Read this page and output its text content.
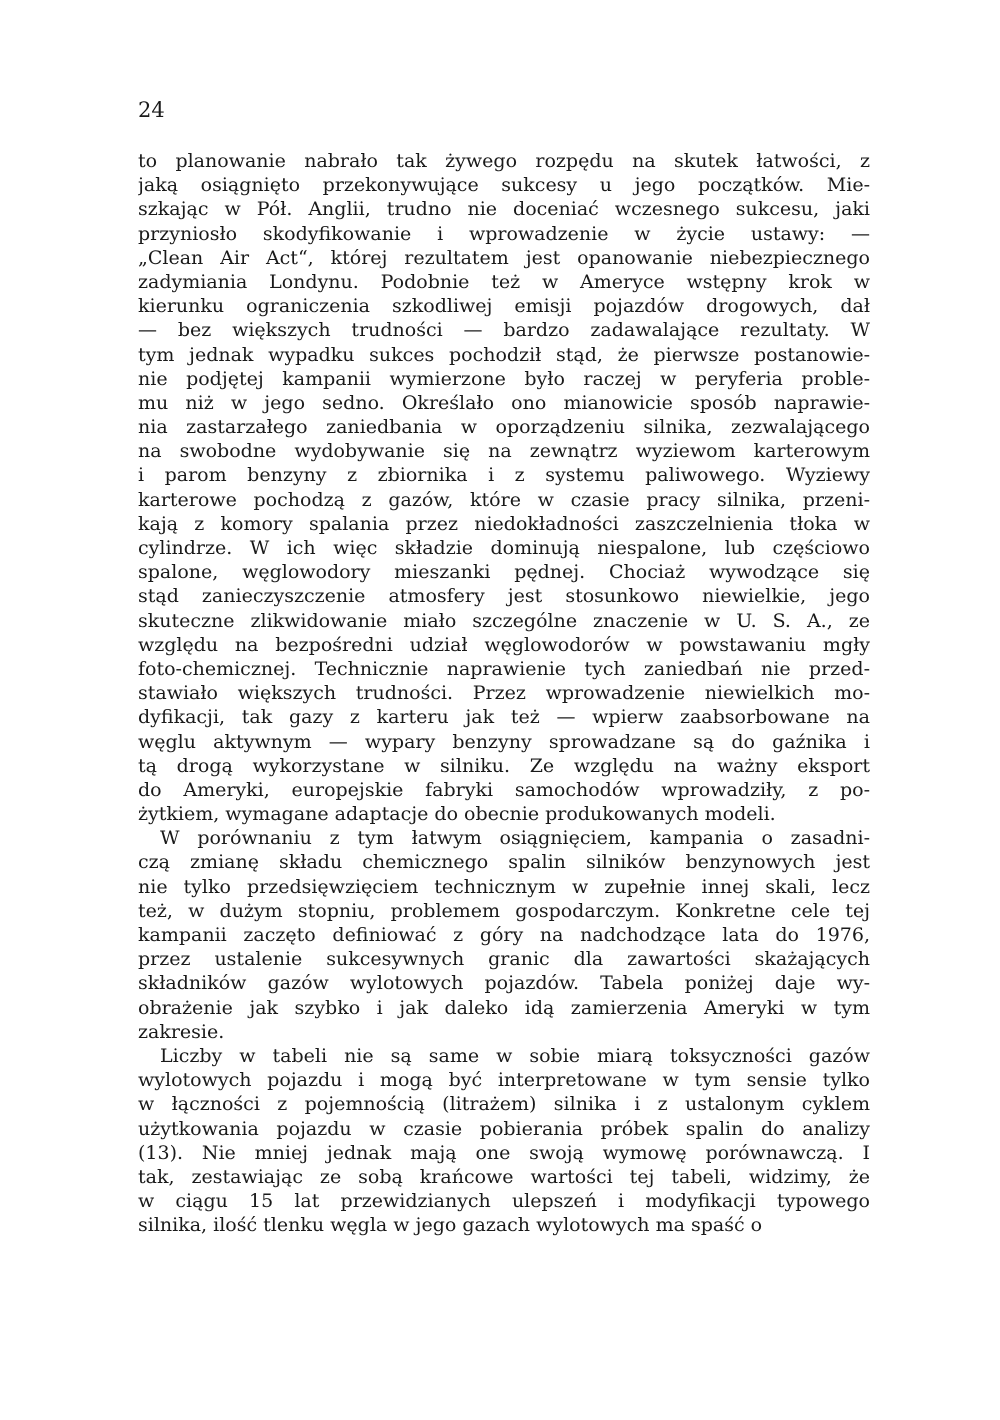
24

to planowanie nabrało tak żywego rozpędu na skutek łatwości, z
jaką osiągnięto przekonywujące sukcesy u jego początków. Mie-
szkając w Pół. Anglii, trudno nie doceniać wczesnego sukcesu, jaki
przyniosło skodyfikowanie i wprowadzenie w życie ustawy: —
„Clean Air Act“, której rezultatem jest opanowanie niebezpiecznego
zadymiania Londynu. Podobnie też w Ameryce wstępny krok w
kierunku ograniczenia szkodliwej emisji pojazdów drogowych, dał
— bez większych trudności — bardzo zadawalające rezultaty. W
tym jednak wypadku sukces pochodził stąd, że pierwsze postanowie-
nie podjętej kampanii wymierzone było raczej w peryferia proble-
mu niż w jego sedno. Określało ono mianowicie sposób naprawie-
nia zastarzałego zaniedbania w oporządzeniu silnika, zezwalającego
na swobodne wydobywanie się na zewnątrz wyziewom karterowym
i parom benzyny z zbiornika i z systemu paliwowego. Wyziewy
karterowe pochodzą z gazów, które w czasie pracy silnika, przeni-
kają z komory spalania przez niedokładności zaszczelnienia tłoka w
cylindrze. W ich więc składzie dominują niespalone, lub częściowo
spalone, węglowodory mieszanki pędnej. Chociaż wywodzące się
stąd zanieczyszczenie atmosfery jest stosunkowo niewielkie, jego
skuteczne zlikwidowanie miało szczególne znaczenie w U. S. A., ze
względu na bezpośredni udział węglowodorów w powstawaniu mgły
foto-chemicznej. Technicznie naprawienie tych zaniedbań nie przed-
stawiało większych trudności. Przez wprowadzenie niewielkich mo-
dyfikacji, tak gazy z karteru jak też — wpierw zaabsorbowane na
węglu aktywnym — wypary benzyny sprowadzane są do gaźnika i
tą drogą wykorzystane w silniku. Ze względu na ważny eksport
do Ameryki, europejskie fabryki samochodów wprowadziły, z po-
żytkiem, wymagane adaptacje do obecnie produkowanych modeli.
W porównaniu z tym łatwym osiągnięciem, kampania o zasadni-
czą zmianę składu chemicznego spalin silników benzynowych jest
nie tylko przedsięwzięciem technicznym w zupełnie innej skali, lecz
też, w dużym stopniu, problemem gospodarczym. Konkretne cele tej
kampanii zaczęto definiować z góry na nadchodzące lata do 1976,
przez ustalenie sukcesywnych granic dla zawartości skażających
składników gazów wylotowych pojazdów. Tabela poniżej daje wy-
obrażenie jak szybko i jak daleko idą zamierzenia Ameryki w tym
zakresie.
Liczby w tabeli nie są same w sobie miarą toksyczności gazów
wylotowych pojazdu i mogą być interpretowane w tym sensie tylko
w łączności z pojemnością (litrażem) silnika i z ustalonym cyklem
użytkowania pojazdu w czasie pobierania próbek spalin do analizy
(13). Nie mniej jednak mają one swoją wymowę porównawczą. I
tak, zestawiając ze sobą krańcowe wartości tej tabeli, widzimy, że
w ciągu 15 lat przewidzianych ulepszeń i modyfikacji typowego
silnika, ilość tlenku węgla w jego gazach wylotowych ma spaść o
